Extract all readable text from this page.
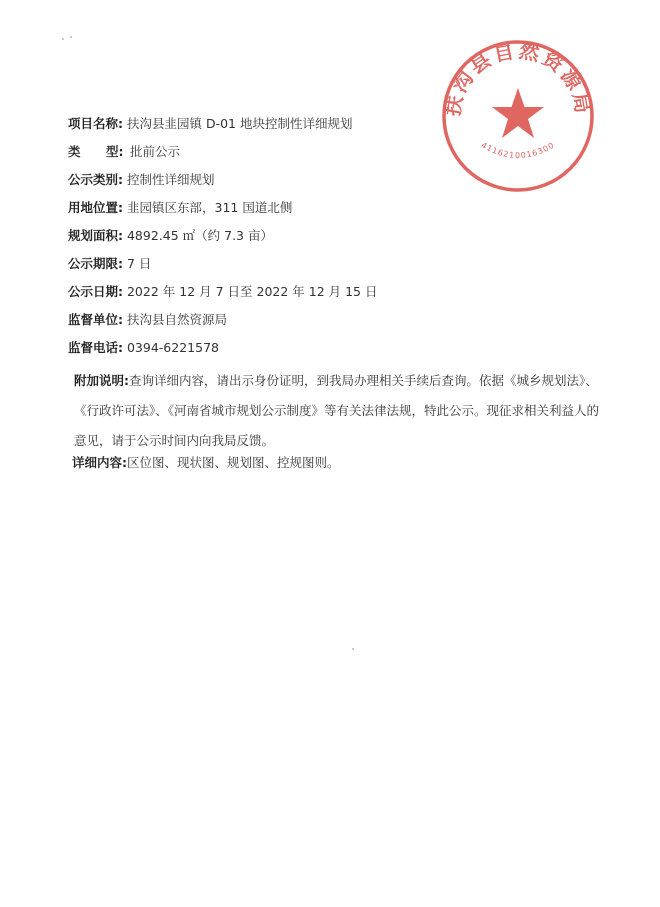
项目名称: 扶沟县韭园镇 D-01 地块控制性详细规划
类 型: 批前公示
公示类别: 控制性详细规划
用地位置: 韭园镇区东部，311 国道北侧
规划面积: 4892.45 ㎡（约 7.3 亩）
公示期限: 7 日
公示日期: 2022 年 12 月 7 日至 2022 年 12 月 15 日
监督单位: 扶沟县自然资源局
监督电话: 0394-6221578
附加说明:查询详细内容，请出示身份证明，到我局办理相关手续后查询。依据《城乡规划法》、《行政许可法》、《河南省城市规划公示制度》等有关法律法规，特此公示。现征求相关利益人的意见，请于公示时间内向我局反馈。
详细内容:区位图、现状图、规划图、控规图则。
扶沟县自然资源局
4116210016300
